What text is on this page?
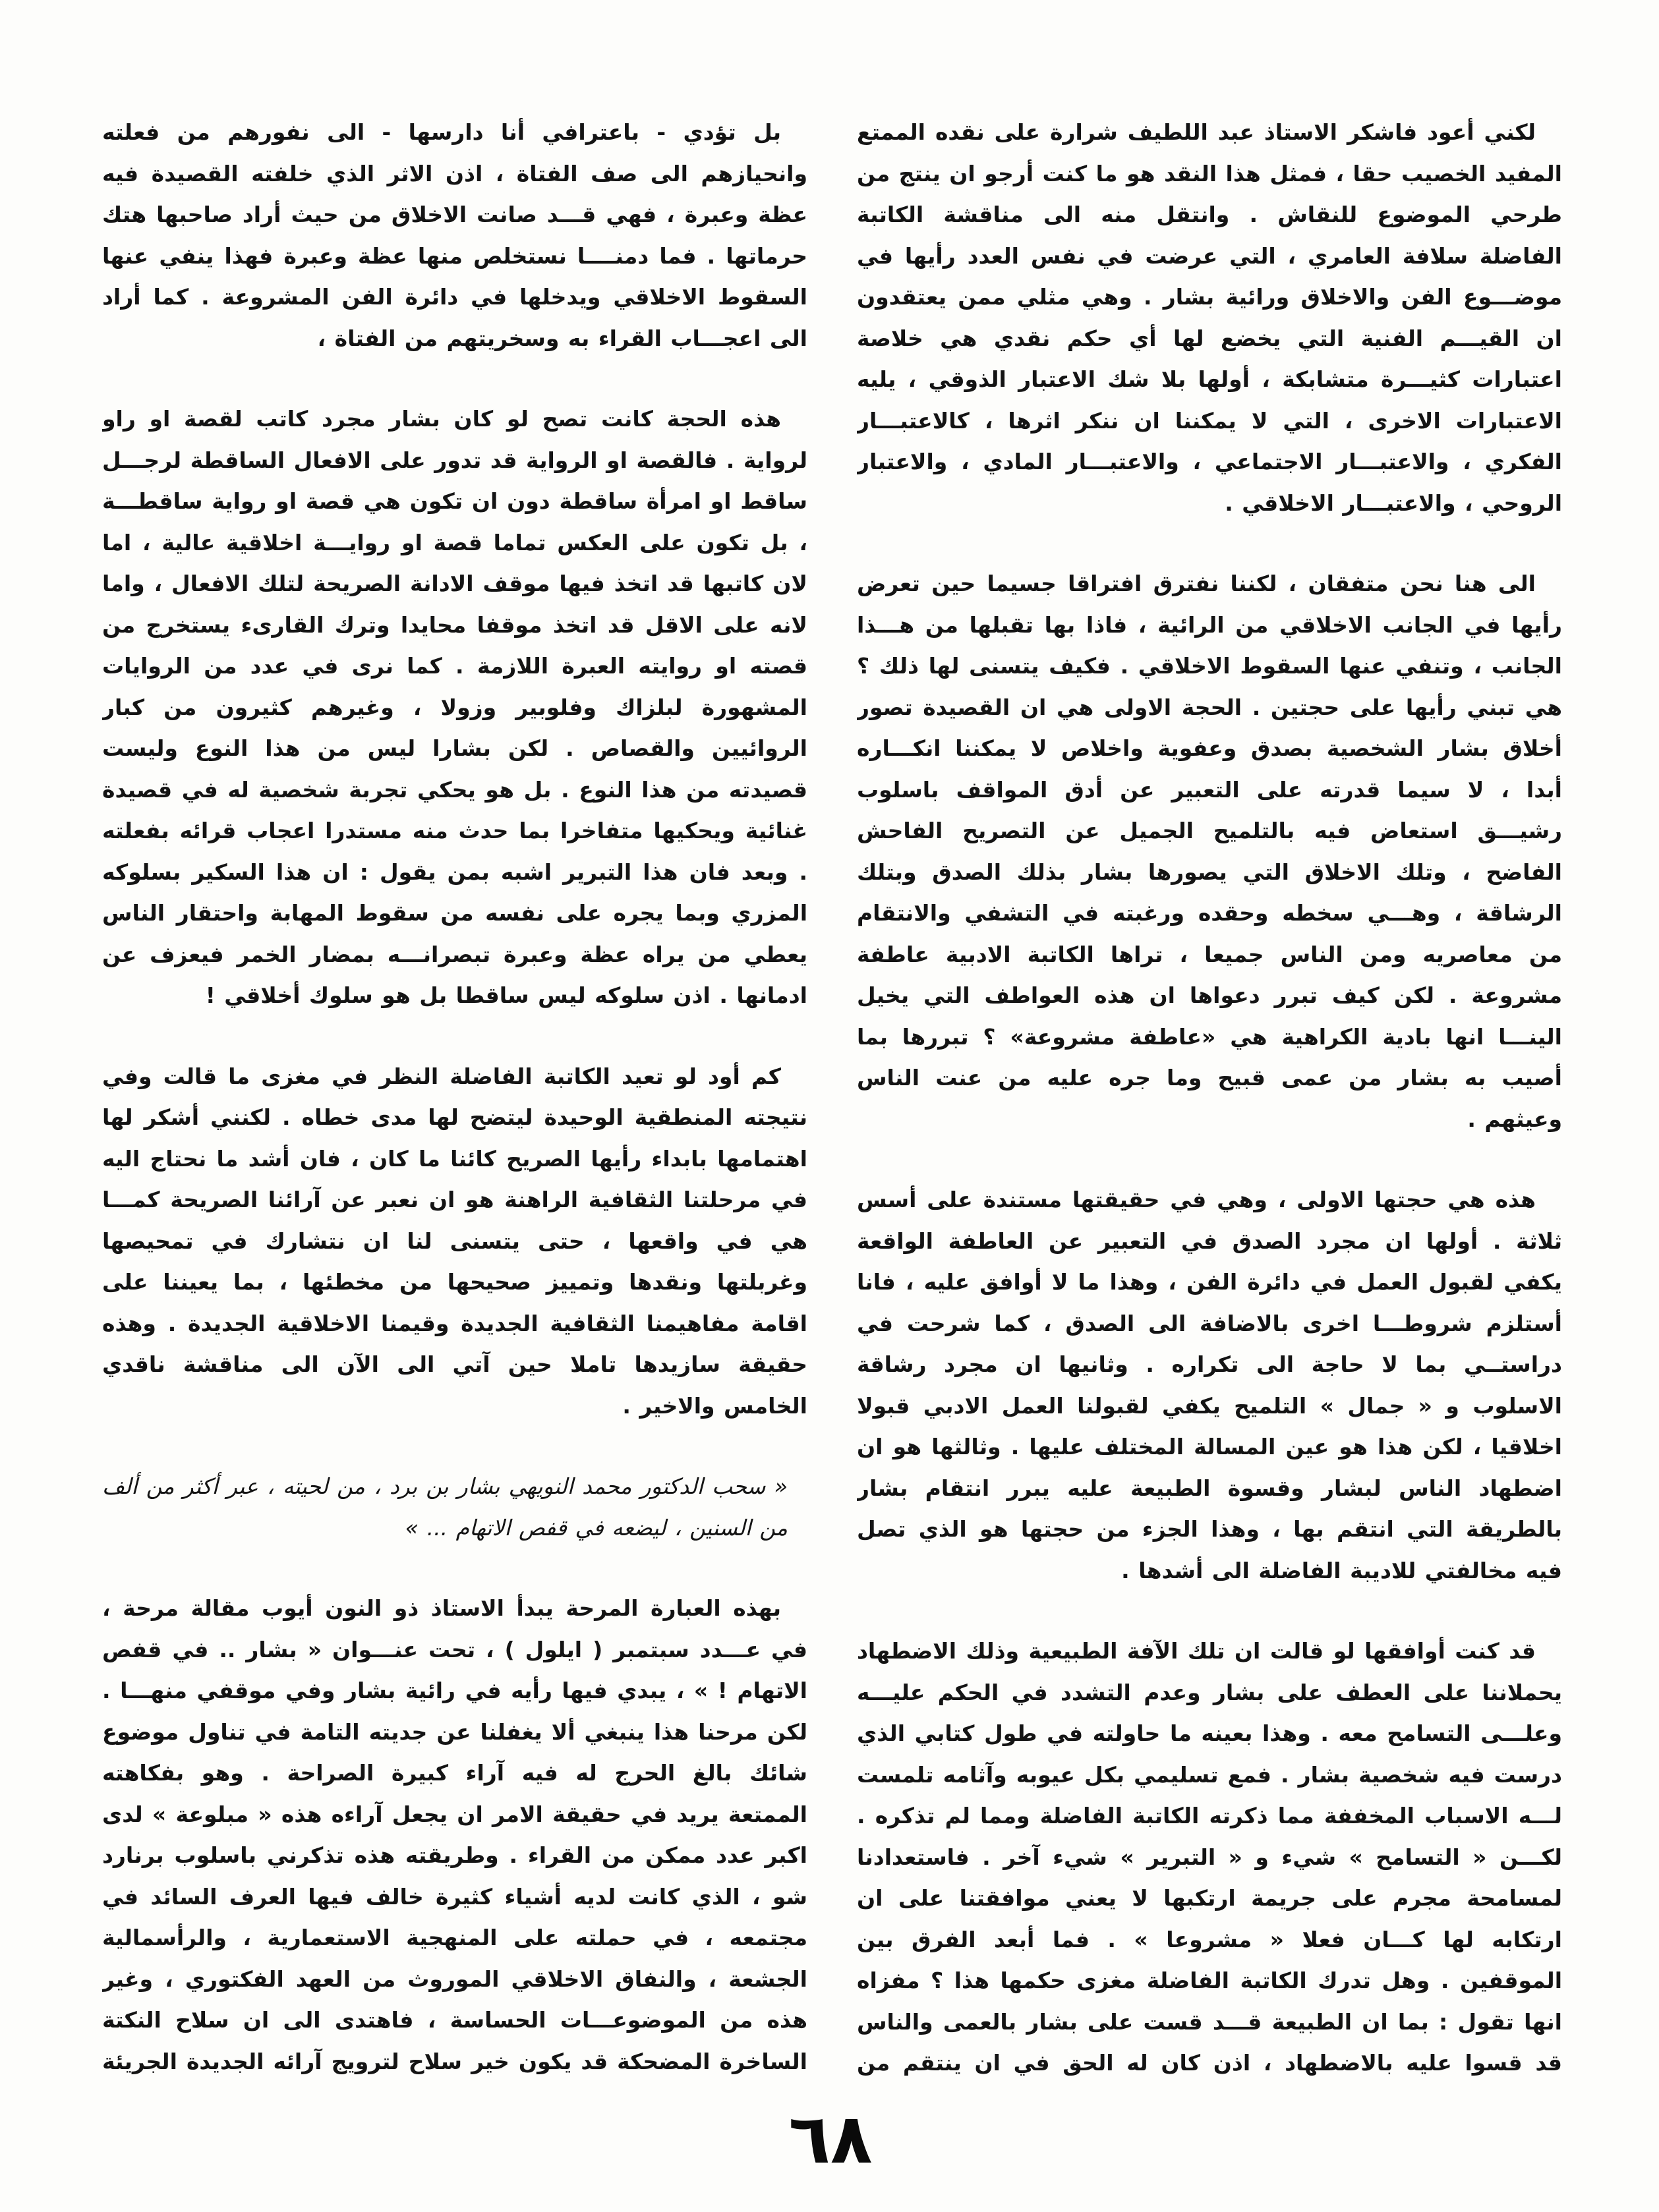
لكني أعود فاشكر الاستاذ عبد اللطيف شرارة على نقده الممتع المفيد الخصيب حقا ، فمثل هذا النقد هو ما كنت أرجو ان ينتج من طرحي الموضوع للنقاش . وانتقل منه الى مناقشة الكاتبة الفاضلة سلافة العامري ، التي عرضت في نفس العدد رأيها في موضـــوع الفن والاخلاق ورائية بشار . وهي مثلي ممن يعتقدون ان القيـــم الفنية التي يخضع لها أي حكم نقدي هي خلاصة اعتبارات كثيـــرة متشابكة ، أولها بلا شك الاعتبار الذوقي ، يليه الاعتبارات الاخرى ، التي لا يمكننا ان ننكر اثرها ، كالاعتبـــار الفكري ، والاعتبـــار الاجتماعي ، والاعتبـــار المادي ، والاعتبار الروحي ، والاعتبـــار الاخلاقي .

الى هنا نحن متفقان ، لكننا نفترق افتراقا جسيما حين تعرض رأيها في الجانب الاخلاقي من الرائية ، فاذا بها تقبلها من هـــذا الجانب ، وتنفي عنها السقوط الاخلاقي . فكيف يتسنى لها ذلك ؟ هي تبني رأيها على حجتين . الحجة الاولى هي ان القصيدة تصور أخلاق بشار الشخصية بصدق وعفوية واخلاص لا يمكننا انكـــاره أبدا ، لا سيما قدرته على التعبير عن أدق المواقف باسلوب رشيـــق استعاض فيه بالتلميح الجميل عن التصريح الفاحش الفاضح ، وتلك الاخلاق التي يصورها بشار بذلك الصدق وبتلك الرشاقة ، وهـــي سخطه وحقده ورغبته في التشفي والانتقام من معاصريه ومن الناس جميعا ، تراها الكاتبة الادبية عاطفة مشروعة . لكن كيف تبرر دعواها ان هذه العواطف التي يخيل الينـــا انها بادية الكراهية هي «عاطفة مشروعة» ؟ تبررها بما أصيب به بشار من عمى قبيح وما جره عليه من عنت الناس وعيثهم .

هذه هي حجتها الاولى ، وهي في حقيقتها مستندة على أسس ثلاثة . أولها ان مجرد الصدق في التعبير عن العاطفة الواقعة يكفي لقبول العمل في دائرة الفن ، وهذا ما لا أوافق عليه ، فانا أستلزم شروطـــا اخرى بالاضافة الى الصدق ، كما شرحت في دراستــي بما لا حاجة الى تكراره . وثانيها ان مجرد رشاقة الاسلوب و « جمال » التلميح يكفي لقبولنا العمل الادبي قبولا اخلاقيا ، لكن هذا هو عين المسالة المختلف عليها . وثالثها هو ان اضطهاد الناس لبشار وقسوة الطبيعة عليه يبرر انتقام بشار بالطريقة التي انتقم بها ، وهذا الجزء من حجتها هو الذي تصل فيه مخالفتي للاديبة الفاضلة الى أشدها .

قد كنت أوافقها لو قالت ان تلك الآفة الطبيعية وذلك الاضطهاد يحملاننا على العطف على بشار وعدم التشدد في الحكم عليـــه وعلـــى التسامح معه . وهذا بعينه ما حاولته في طول كتابي الذي درست فيه شخصية بشار . فمع تسليمي بكل عيوبه وآثامه تلمست لـــه الاسباب المخففة مما ذكرته الكاتبة الفاضلة ومما لم تذكره . لكـــن « التسامح » شيء و « التبرير » شيء آخر . فاستعدادنا لمسامحة مجرم على جريمة ارتكبها لا يعني موافقتنا على ان ارتكابه لها كـــان فعلا « مشروعا » . فما أبعد الفرق بين الموقفين . وهل تدرك الكاتبة الفاضلة مغزى حكمها هذا ؟ مفزاه انها تقول : بما ان الطبيعة قـــد قست على بشار بالعمى والناس قد قسوا عليه بالاضطهاد ، اذن كان له الحق في ان ينتقم من

بل تؤدي - باعترافي أنا دارسها - الى نفورهم من فعلته وانحيازهم الى صف الفتاة ، اذن الاثر الذي خلفته القصيدة فيه عظة وعبرة ، فهي قـــد صانت الاخلاق من حيث أراد صاحبها هتك حرماتها . فما دمنــــا نستخلص منها عظة وعبرة فهذا ينفي عنها السقوط الاخلاقي ويدخلها في دائرة الفن المشروعة . كما أراد الى اعجـــاب القراء به وسخريتهم من الفتاة ،

هذه الحجة كانت تصح لو كان بشار مجرد كاتب لقصة او راو لرواية . فالقصة او الرواية قد تدور على الافعال الساقطة لرجـــل ساقط او امرأة ساقطة دون ان تكون هي قصة او رواية ساقطـــة ، بل تكون على العكس تماما قصة او روايـــة اخلاقية عالية ، اما لان كاتبها قد اتخذ فيها موقف الادانة الصريحة لتلك الافعال ، واما لانه على الاقل قد اتخذ موقفا محايدا وترك القارىء يستخرج من قصته او روايته العبرة اللازمة . كما نرى في عدد من الروايات المشهورة لبلزاك وفلوبير وزولا ، وغيرهم كثيرون من كبار الروائيين والقصاص . لكن بشارا ليس من هذا النوع وليست قصيدته من هذا النوع . بل هو يحكي تجربة شخصية له في قصيدة غنائية ويحكيها متفاخرا بما حدث منه مستدرا اعجاب قرائه بفعلته . وبعد فان هذا التبرير اشبه بمن يقول : ان هذا السكير بسلوكه المزري وبما يجره على نفسه من سقوط المهابة واحتقار الناس يعطي من يراه عظة وعبرة تبصرانـــه بمضار الخمر فيعزف عن ادمانها . اذن سلوكه ليس ساقطا بل هو سلوك أخلاقي !

كم أود لو تعيد الكاتبة الفاضلة النظر في مغزى ما قالت وفي نتيجته المنطقية الوحيدة ليتضح لها مدى خطاه . لكنني أشكر لها اهتمامها بابداء رأيها الصريح كائنا ما كان ، فان أشد ما نحتاج اليه في مرحلتنا الثقافية الراهنة هو ان نعبر عن آرائنا الصريحة كمـــا هي في واقعها ، حتى يتسنى لنا ان نتشارك في تمحيصها وغربلتها ونقدها وتمييز صحيحها من مخطئها ، بما يعيننا على اقامة مفاهيمنا الثقافية الجديدة وقيمنا الاخلاقية الجديدة . وهذه حقيقة سازيدها تاملا حين آتي الى الآن الى مناقشة ناقدي الخامس والاخير .

« سحب الدكتور محمد النويهي بشار بن برد ، من لحيته ، عبر أكثر من ألف من السنين ، ليضعه في قفص الاتهام ... »

بهذه العبارة المرحة يبدأ الاستاذ ذو النون أيوب مقالة مرحة ، في عـــدد سبتمبر ( ايلول ) ، تحت عنـــوان « بشار .. في قفص الاتهام ! » ، يبدي فيها رأيه في رائية بشار وفي موقفي منهـــا . لكن مرحنا هذا ينبغي ألا يغفلنا عن جديته التامة في تناول موضوع شائك بالغ الحرج له فيه آراء كبيرة الصراحة . وهو بفكاهته الممتعة يريد في حقيقة الامر ان يجعل آراءه هذه « مبلوعة » لدى اكبر عدد ممكن من القراء . وطريقته هذه تذكرني باسلوب برنارد شو ، الذي كانت لديه أشياء كثيرة خالف فيها العرف السائد في مجتمعه ، في حملته على المنهجية الاستعمارية ، والرأسمالية الجشعة ، والنفاق الاخلاقي الموروث من العهد الفكتوري ، وغير هذه من الموضوعـــات الحساسة ، فاهتدى الى ان سلاح النكتة الساخرة المضحكة قد يكون خير سلاح لترويج آرائه الجديدة الجريئة

٦٨
